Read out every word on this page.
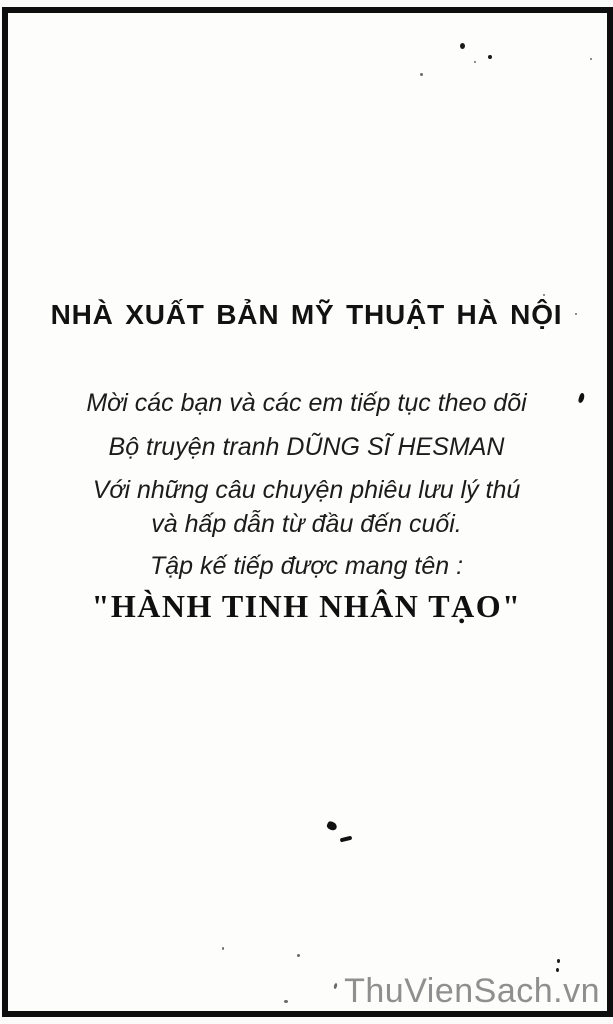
NHÀ XUẤT BẢN MỸ THUẬT HÀ NỘI
Mời các bạn và các em tiếp tục theo dõi
Bộ truyện tranh DŨNG SĨ HESMAN
Với những câu chuyện phiêu lưu lý thú
và hấp dẫn từ đầu đến cuối.
Tập kế tiếp được mang tên :
"HÀNH TINH NHÂN TẠO"
ThuVienSach.vn
